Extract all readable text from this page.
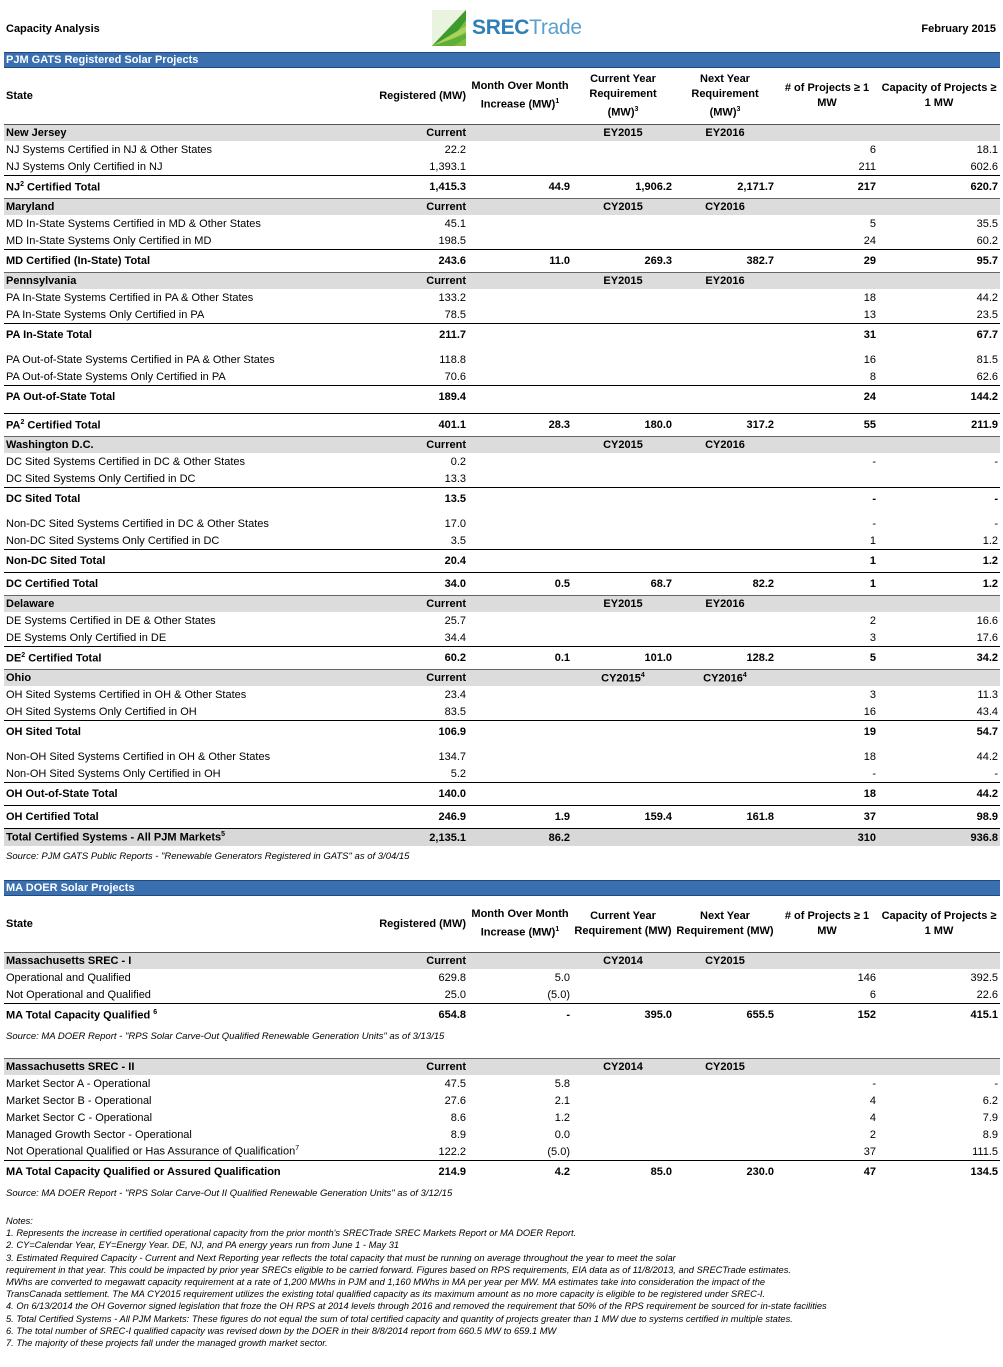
Capacity Analysis	SRECTrade	February 2015
PJM GATS Registered Solar Projects
State	Registered (MW)	Month Over Month Increase (MW)$^1$	Current Year Requirement (MW)$^3$	Next Year Requirement (MW)$^3$	# of Projects ≥ 1 MW	Capacity of Projects ≥ 1 MW
New Jersey	Current		EY2015	EY2016		
NJ Systems Certified in NJ & Other States	22.2				6	18.1
NJ Systems Only Certified in NJ	1,393.1				211	602.6
$NJ^2$ Certified Total	1,415.3	44.9	1,906.2	2,171.7	217	620.7
Maryland	Current		CY2015	CY2016		
MD In-State Systems Certified in MD & Other States	45.1				5	35.5
MD In-State Systems Only Certified in MD	198.5				24	60.2
MD Certified (In-State) Total	243.6	11.0	269.3	382.7	29	95.7
Pennsylvania	Current		EY2015	EY2016		
PA In-State Systems Certified in PA & Other States	133.2				18	44.2
PA In-State Systems Only Certified in PA	78.5				13	23.5
PA In-State Total	211.7				31	67.7

PA Out-of-State Systems Certified in PA & Other States	118.8				16	81.5
PA Out-of-State Systems Only Certified in PA	70.6				8	62.6
PA Out-of-State Total	189.4				24	144.2

$PA^2$ Certified Total	401.1	28.3	180.0	317.2	55	211.9
Washington D.C.	Current		CY2015	CY2016		
DC Sited Systems Certified in DC & Other States	0.2				-	-
DC Sited Systems Only Certified in DC	13.3					
DC Sited Total	13.5				-	-

Non-DC Sited Systems Certified in DC & Other States	17.0				-	-
Non-DC Sited Systems Only Certified in DC	3.5				1	1.2
Non-DC Sited Total	20.4				1	1.2
DC Certified Total	34.0	0.5	68.7	82.2	1	1.2
Delaware	Current		EY2015	EY2016		
DE Systems Certified in DE & Other States	25.7				2	16.6
DE Systems Only Certified in DE	34.4				3	17.6
$DE^2$ Certified Total	60.2	0.1	101.0	128.2	5	34.2
Ohio	Current		CY2015$^4$	CY2016$^4$		
OH Sited Systems Certified in OH & Other States	23.4				3	11.3
OH Sited Systems Only Certified in OH	83.5				16	43.4
OH Sited Total	106.9				19	54.7

Non-OH Sited Systems Certified in OH & Other States	134.7				18	44.2
Non-OH Sited Systems Only Certified in OH	5.2				-	-
OH Out-of-State Total	140.0				18	44.2
OH Certified Total	246.9	1.9	159.4	161.8	37	98.9
Total Certified Systems - All PJM Markets$^5$	2,135.1	86.2			310	936.8
Source: PJM GATS Public Reports - "Renewable Generators Registered in GATS" as of 3/04/15
MA DOER Solar Projects
State	Registered (MW)	Month Over Month Increase (MW)$^1$	Current Year Requirement (MW)	Next Year Requirement (MW)	# of Projects ≥ 1 MW	Capacity of Projects ≥ 1 MW
Massachusetts SREC - I	Current		CY2014	CY2015		
Operational and Qualified	629.8	5.0			146	392.5
Not Operational and Qualified	25.0	(5.0)			6	22.6
MA Total Capacity Qualified $^6$	654.8	-	395.0	655.5	152	415.1
Source: MA DOER Report - "RPS Solar Carve-Out Qualified Renewable Generation Units" as of 3/13/15
Massachusetts SREC - II	Current		CY2014	CY2015		
Market Sector A - Operational	47.5	5.8			-	-
Market Sector B - Operational	27.6	2.1			4	6.2
Market Sector C - Operational	8.6	1.2			4	7.9
Managed Growth Sector - Operational	8.9	0.0			2	8.9
Not Operational Qualified or Has Assurance of Qualification$^7$	122.2	(5.0)			37	111.5
MA Total Capacity Qualified or Assured Qualification	214.9	4.2	85.0	230.0	47	134.5
Source: MA DOER Report - "RPS Solar Carve-Out II Qualified Renewable Generation Units" as of 3/12/15
Notes:
1. Represents the increase in certified operational capacity from the prior month's SRECTrade SREC Markets Report or MA DOER Report.
2. CY=Calendar Year, EY=Energy Year. DE, NJ, and PA energy years run from June 1 - May 31
3. Estimated Required Capacity - Current and Next Reporting year reflects the total capacity that must be running on average throughout the year to meet the solar
requirement in that year. This could be impacted by prior year SRECs eligible to be carried forward. Figures based on RPS requirements, EIA data as of 11/8/2013, and SRECTrade estimates.
MWhs are converted to megawatt capacity requirement at a rate of 1,200 MWhs in PJM and 1,160 MWhs in MA per year per MW. MA estimates take into consideration the impact of the
TransCanada settlement. The MA CY2015 requirement utilizes the existing total qualified capacity as its maximum amount as no more capacity is eligible to be registered under SREC-I.
4. On 6/13/2014 the OH Governor signed legislation that froze the OH RPS at 2014 levels through 2016 and removed the requirement that 50% of the RPS requirement be sourced for in-state facilities
5. Total Certified Systems - All PJM Markets: These figures do not equal the sum of total certified capacity and quantity of projects greater than 1 MW due to systems certified in multiple states.
6. The total number of SREC-I qualified capacity was revised down by the DOER in their 8/8/2014 report from 660.5 MW to 659.1 MW
7. The majority of these projects fall under the managed growth market sector.
